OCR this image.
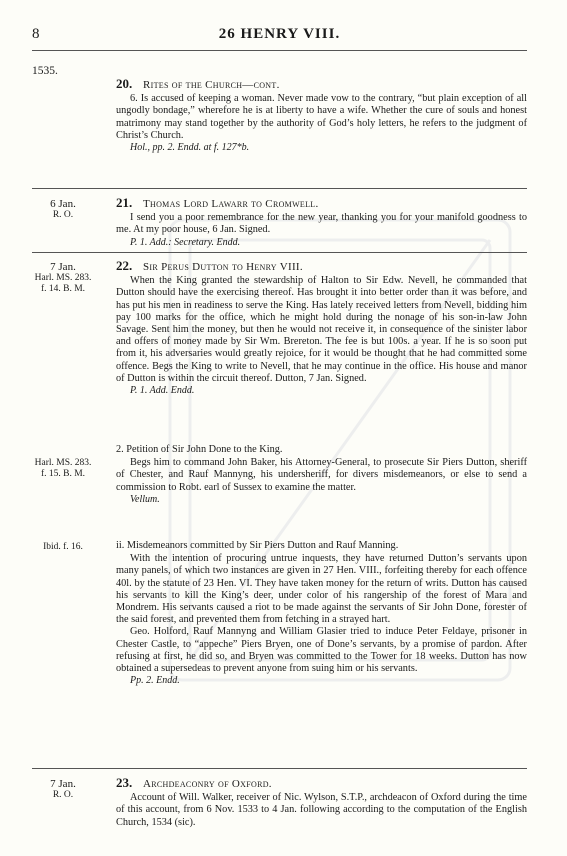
8	26 HENRY VIII.
1535.
20. Rites of the Church—cont.

6. Is accused of keeping a woman. Never made vow to the contrary, “but plain exception of all ungodly bondage,” wherefore he is at liberty to have a wife. Whether the cure of souls and honest matrimony may stand together by the authority of God’s holy letters, he refers to the judgment of Christ’s Church.

Hol., pp. 2. Endd. at f. 127*b.
6 Jan.
R. O.
21. Thomas Lord Lawarr to Cromwell.

I send you a poor remembrance for the new year, thanking you for your manifold goodness to me. At my poor house, 6 Jan. Signed.

P. 1. Add.: Secretary. Endd.
7 Jan.
Harl. MS. 283. f. 14. B. M.
22. Sir Perus Dutton to Henry VIII.

When the King granted the stewardship of Halton to Sir Edw. Nevell, he commanded that Dutton should have the exercising thereof. Has brought it into better order than it was before, and has put his men in readiness to serve the King. Has lately received letters from Nevell, bidding him pay 100 marks for the office, which he might hold during the nonage of his son-in-law John Savage. Sent him the money, but then he would not receive it, in consequence of the sinister labor and offers of money made by Sir Wm. Brereton. The fee is but 100s. a year. If he is so soon put from it, his adversaries would greatly rejoice, for it would be thought that he had committed some offence. Begs the King to write to Nevell, that he may continue in the office. His house and manor of Dutton is within the circuit thereof. Dutton, 7 Jan. Signed.

P. 1. Add. Endd.
Harl. MS. 283. f. 15. B. M.
2. Petition of Sir John Done to the King.

Begs him to command John Baker, his Attorney-General, to prosecute Sir Piers Dutton, sheriff of Chester, and Rauf Mannyng, his undersheriff, for divers misdemeanors, or else to send a commission to Robt. earl of Sussex to examine the matter.

Vellum.
Ibid. f. 16.	ii. Misdemeanors committed by Sir Piers Dutton and Rauf Manning.

With the intention of procuring untrue inquests, they have returned Dutton’s servants upon many panels, of which two instances are given in 27 Hen. VIII., forfeiting thereby for each offence 40l. by the statute of 23 Hen. VI. They have taken money for the return of writs. Dutton has caused his servants to kill the King’s deer, under color of his rangership of the forest of Mara and Mondrem. His servants caused a riot to be made against the servants of Sir John Done, forester of the said forest, and prevented them from fetching in a strayed hart.

Geo. Holford, Rauf Mannyng and William Glasier tried to induce Peter Feldaye, prisoner in Chester Castle, to “appeche” Piers Bryen, one of Done’s servants, by a promise of pardon. After refusing at first, he did so, and Bryen was committed to the Tower for 18 weeks. Dutton has now obtained a supersedeas to prevent anyone from suing him or his servants.

Pp. 2. Endd.
7 Jan.
R. O.
23. Archdeaconry of Oxford.

Account of Will. Walker, receiver of Nic. Wylson, S.T.P., archdeacon of Oxford during the time of this account, from 6 Nov. 1533 to 4 Jan. following according to the computation of the English Church, 1534 (sic).
